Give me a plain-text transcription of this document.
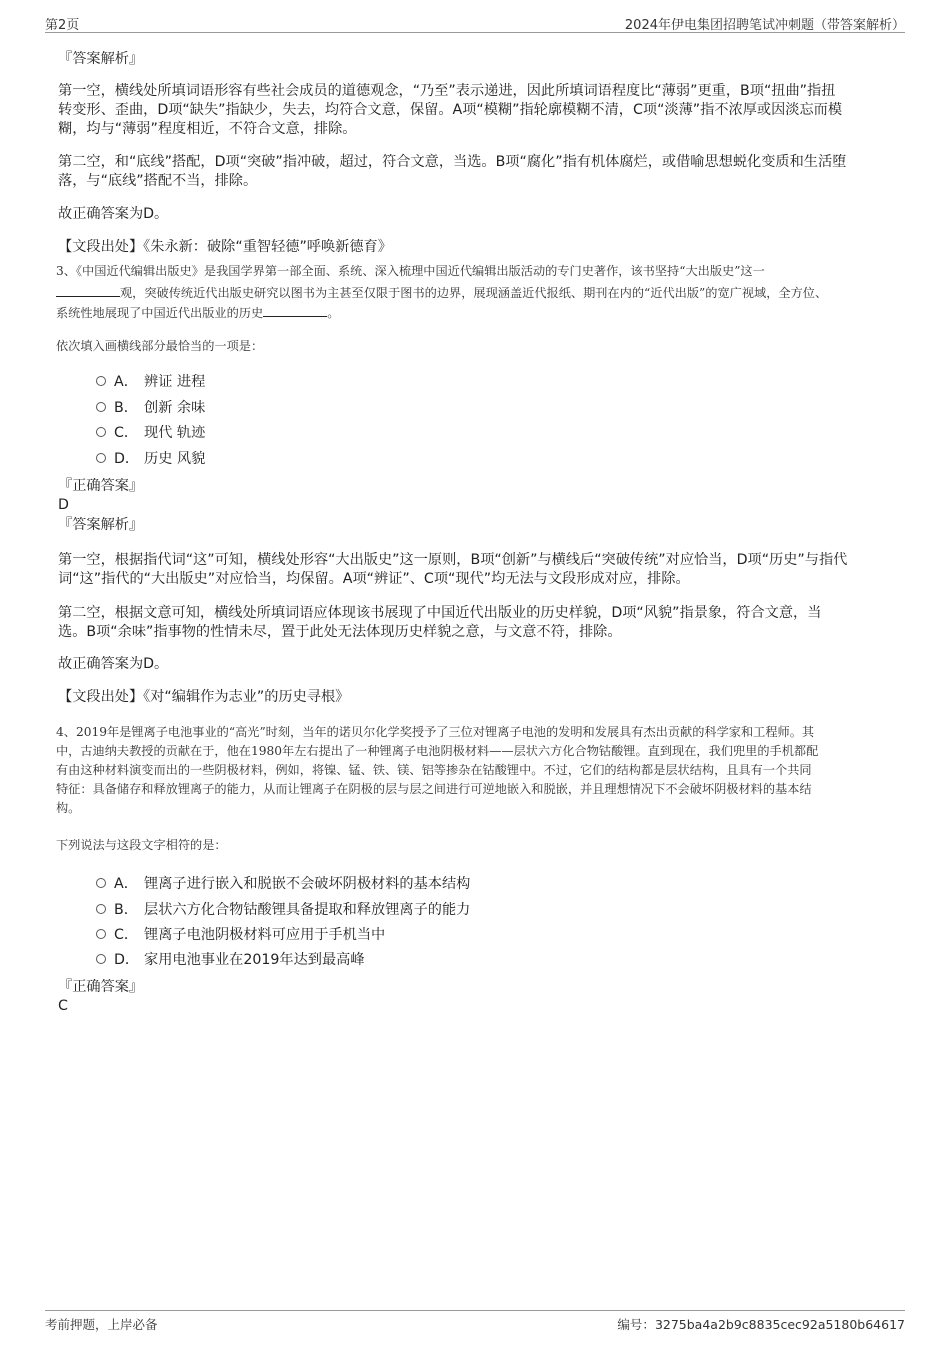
第2页	2024年伊电集团招聘笔试冲刺题（带答案解析）
『答案解析』
第一空，横线处所填词语形容有些社会成员的道德观念，“乃至”表示递进，因此所填词语程度比“薄弱”更重，B项“扭曲”指扭
转变形、歪曲，D项“缺失”指缺少，失去，均符合文意，保留。A项“模糊”指轮廓模糊不清，C项“淡薄”指不浓厚或因淡忘而模
糊，均与“薄弱”程度相近，不符合文意，排除。
第二空，和“底线”搭配，D项“突破”指冲破，超过，符合文意，当选。B项“腐化”指有机体腐烂，或借喻思想蜕化变质和生活堕
落，与“底线”搭配不当，排除。
故正确答案为D。
【文段出处】《朱永新：破除“重智轻德”呼唤新德育》
3、《中国近代编辑出版史》是我国学界第一部全面、系统、深入梳理中国近代编辑出版活动的专门史著作，该书坚持“大出版史”这一
观，突破传统近代出版史研究以图书为主甚至仅限于图书的边界，展现涵盖近代报纸、期刊在内的“近代出版”的宽广视域，全方位、
系统性地展现了中国近代出版业的历史	。
依次填入画横线部分最恰当的一项是：
A． 辨证 进程
B． 创新 余味
C． 现代 轨迹
D． 历史 风貌
『正确答案』
D
『答案解析』
第一空，根据指代词“这”可知，横线处形容“大出版史”这一原则，B项“创新”与横线后“突破传统”对应恰当，D项“历史”与指代
词“这”指代的“大出版史”对应恰当，均保留。A项“辨证”、C项“现代”均无法与文段形成对应，排除。
第二空，根据文意可知，横线处所填词语应体现该书展现了中国近代出版业的历史样貌，D项“风貌”指景象，符合文意，当
选。B项“余味”指事物的性情未尽，置于此处无法体现历史样貌之意，与文意不符，排除。
故正确答案为D。
【文段出处】《对“编辑作为志业”的历史寻根》
4、2019年是锂离子电池事业的“高光”时刻，当年的诺贝尔化学奖授予了三位对锂离子电池的发明和发展具有杰出贡献的科学家和工程师。其
中，古迪纳夫教授的贡献在于，他在1980年左右提出了一种锂离子电池阴极材料——层状六方化合物钴酸锂。直到现在，我们兜里的手机都配
有由这种材料演变而出的一些阴极材料，例如，将镍、锰、铁、镁、铝等掺杂在钴酸锂中。不过，它们的结构都是层状结构，且具有一个共同
特征：具备储存和释放锂离子的能力，从而让锂离子在阴极的层与层之间进行可逆地嵌入和脱嵌，并且理想情况下不会破坏阴极材料的基本结
构。
下列说法与这段文字相符的是：
A． 锂离子进行嵌入和脱嵌不会破坏阴极材料的基本结构
B． 层状六方化合物钴酸锂具备提取和释放锂离子的能力
C． 锂离子电池阴极材料可应用于手机当中
D． 家用电池事业在2019年达到最高峰
『正确答案』
C
考前押题，上岸必备	编号：3275ba4a2b9c8835cec92a5180b64617
